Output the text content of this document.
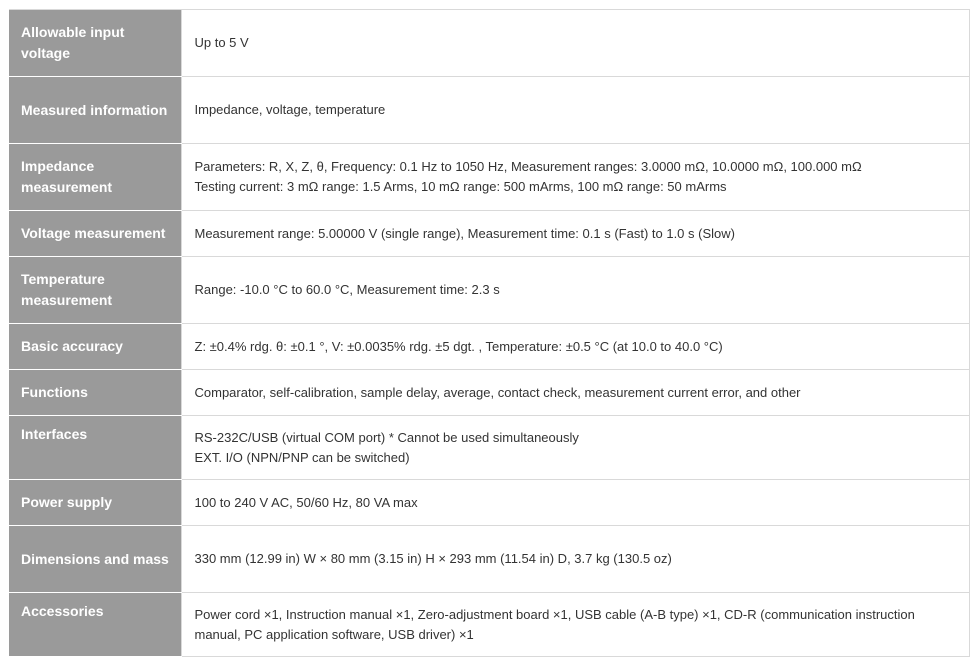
Allowable input voltage	Up to 5 V

Measured information	Impedance, voltage, temperature

Impedance measurement	Parameters: R, X, Z, θ, Frequency: 0.1 Hz to 1050 Hz, Measurement ranges: 3.0000 mΩ, 10.0000 mΩ, 100.000 mΩ
Testing current: 3 mΩ range: 1.5 Arms, 10 mΩ range: 500 mArms, 100 mΩ range: 50 mArms

Voltage measurement	Measurement range: 5.00000 V (single range), Measurement time: 0.1 s (Fast) to 1.0 s (Slow)

Temperature measurement	Range: -10.0 °C to 60.0 °C, Measurement time: 2.3 s

Basic accuracy	Z: ±0.4% rdg. θ: ±0.1 °, V: ±0.0035% rdg. ±5 dgt. , Temperature: ±0.5 °C (at 10.0 to 40.0 °C)

Functions	Comparator, self-calibration, sample delay, average, contact check, measurement current error, and other

Interfaces	RS-232C/USB (virtual COM port) * Cannot be used simultaneously
EXT. I/O (NPN/PNP can be switched)

Power supply	100 to 240 V AC, 50/60 Hz, 80 VA max

Dimensions and mass	330 mm (12.99 in) W × 80 mm (3.15 in) H × 293 mm (11.54 in) D, 3.7 kg (130.5 oz)

Accessories	Power cord ×1, Instruction manual ×1, Zero-adjustment board ×1, USB cable (A-B type) ×1, CD-R (communication instruction
manual, PC application software, USB driver) ×1
